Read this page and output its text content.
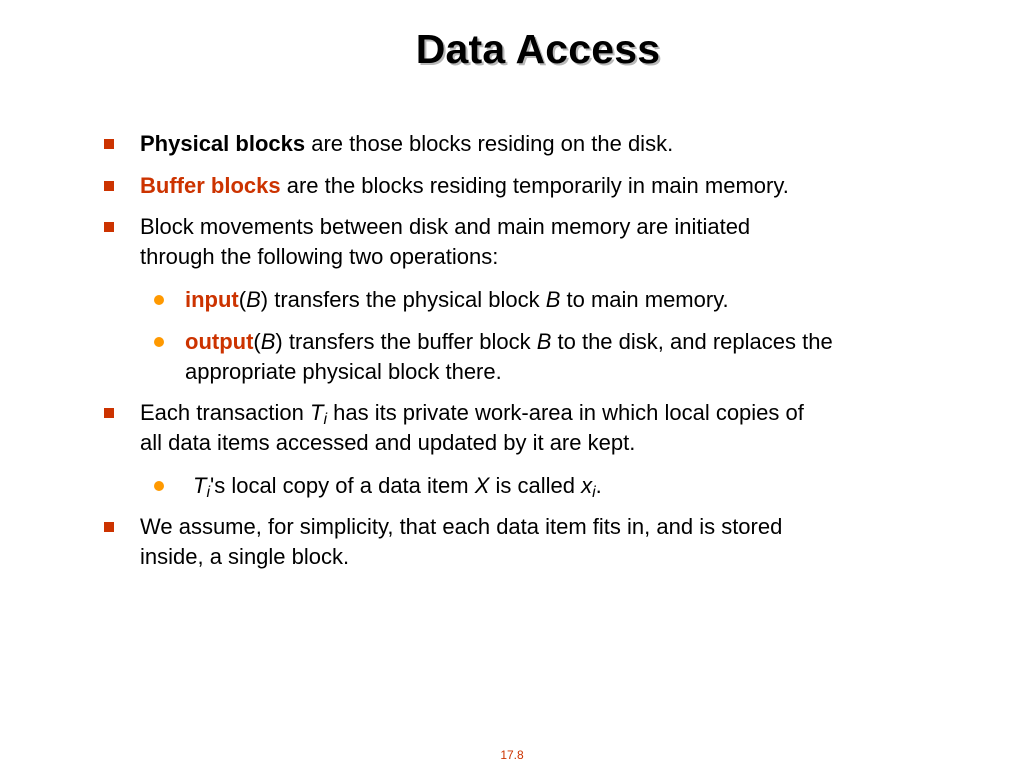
Data Access
Physical blocks are those blocks residing on the disk.
Buffer blocks are the blocks residing temporarily in main memory.
Block movements between disk and main memory are initiated
through the following two operations:
input(B) transfers the physical block B to main memory.
output(B) transfers the buffer block B to the disk, and replaces the
appropriate physical block there.
Each transaction $T_i$ has its private work-area in which local copies of
all data items accessed and updated by it are kept.
$T_i's$ local copy of a data item X is called $x_i$.
We assume, for simplicity, that each data item fits in, and is stored
inside, a single block.
17.8
